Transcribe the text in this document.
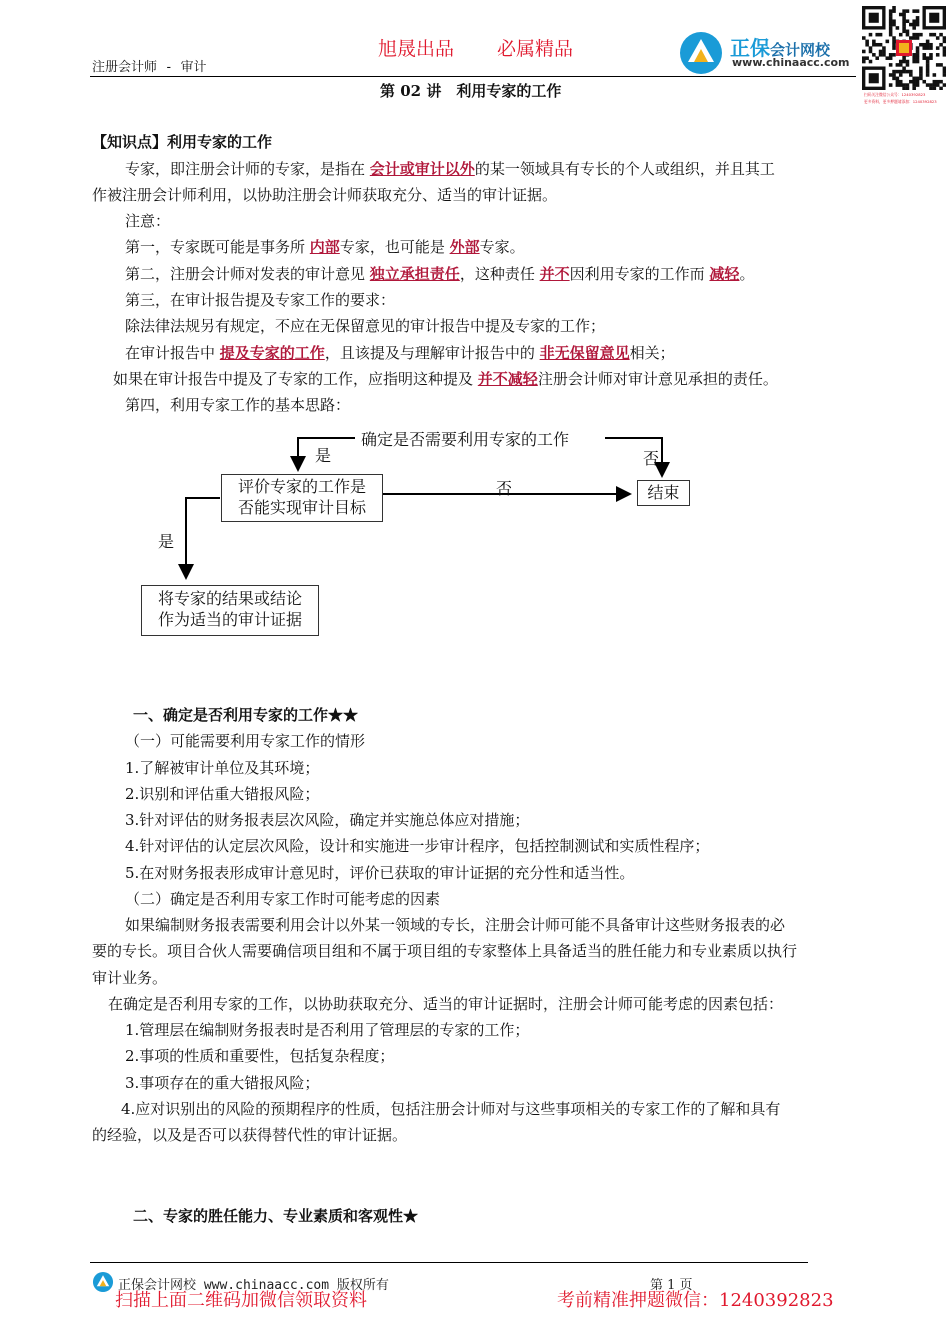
注册会计师 - 审计
旭晟出品 必属精品	正保会计网校
www.chinaacc.com
扫码关注微信公众号：1240392823
更多资料，更多押题请添加：1240392823
第 02 讲　利用专家的工作
【知识点】利用专家的工作
专家，即注册会计师的专家，是指在 会计或审计以外的某一领域具有专长的个人或组织，并且其工
作被注册会计师利用，以协助注册会计师获取充分、适当的审计证据。
注意：
第一，专家既可能是事务所 内部专家，也可能是 外部专家。
第二，注册会计师对发表的审计意见 独立承担责任，这种责任 并不因利用专家的工作而 减轻。
第三，在审计报告提及专家工作的要求：
除法律法规另有规定，不应在无保留意见的审计报告中提及专家的工作；
在审计报告中 提及专家的工作，且该提及与理解审计报告中的 非无保留意见相关；
如果在审计报告中提及了专家的工作，应指明这种提及 并不减轻注册会计师对审计意见承担的责任。
第四，利用专家工作的基本思路：
确定是否需要利用专家的工作
是	否
评价专家的工作是
否能实现审计目标
否	结束
是
将专家的结果或结论
作为适当的审计证据
一、确定是否利用专家的工作★★
（一）可能需要利用专家工作的情形
1.了解被审计单位及其环境；
2.识别和评估重大错报风险；
3.针对评估的财务报表层次风险，确定并实施总体应对措施；
4.针对评估的认定层次风险，设计和实施进一步审计程序，包括控制测试和实质性程序；
5.在对财务报表形成审计意见时，评价已获取的审计证据的充分性和适当性。
（二）确定是否利用专家工作时可能考虑的因素
如果编制财务报表需要利用会计以外某一领域的专长，注册会计师可能不具备审计这些财务报表的必
要的专长。项目合伙人需要确信项目组和不属于项目组的专家整体上具备适当的胜任能力和专业素质以执行
审计业务。
在确定是否利用专家的工作，以协助获取充分、适当的审计证据时，注册会计师可能考虑的因素包括：
1.管理层在编制财务报表时是否利用了管理层的专家的工作；
2.事项的性质和重要性，包括复杂程度；
3.事项存在的重大错报风险；
4.应对识别出的风险的预期程序的性质，包括注册会计师对与这些事项相关的专家工作的了解和具有
的经验，以及是否可以获得替代性的审计证据。
二、专家的胜任能力、专业素质和客观性★
正保会计网校 www.chinaacc.com 版权所有	第 1 页
扫描上面二维码加微信领取资料	考前精准押题微信：1240392823
